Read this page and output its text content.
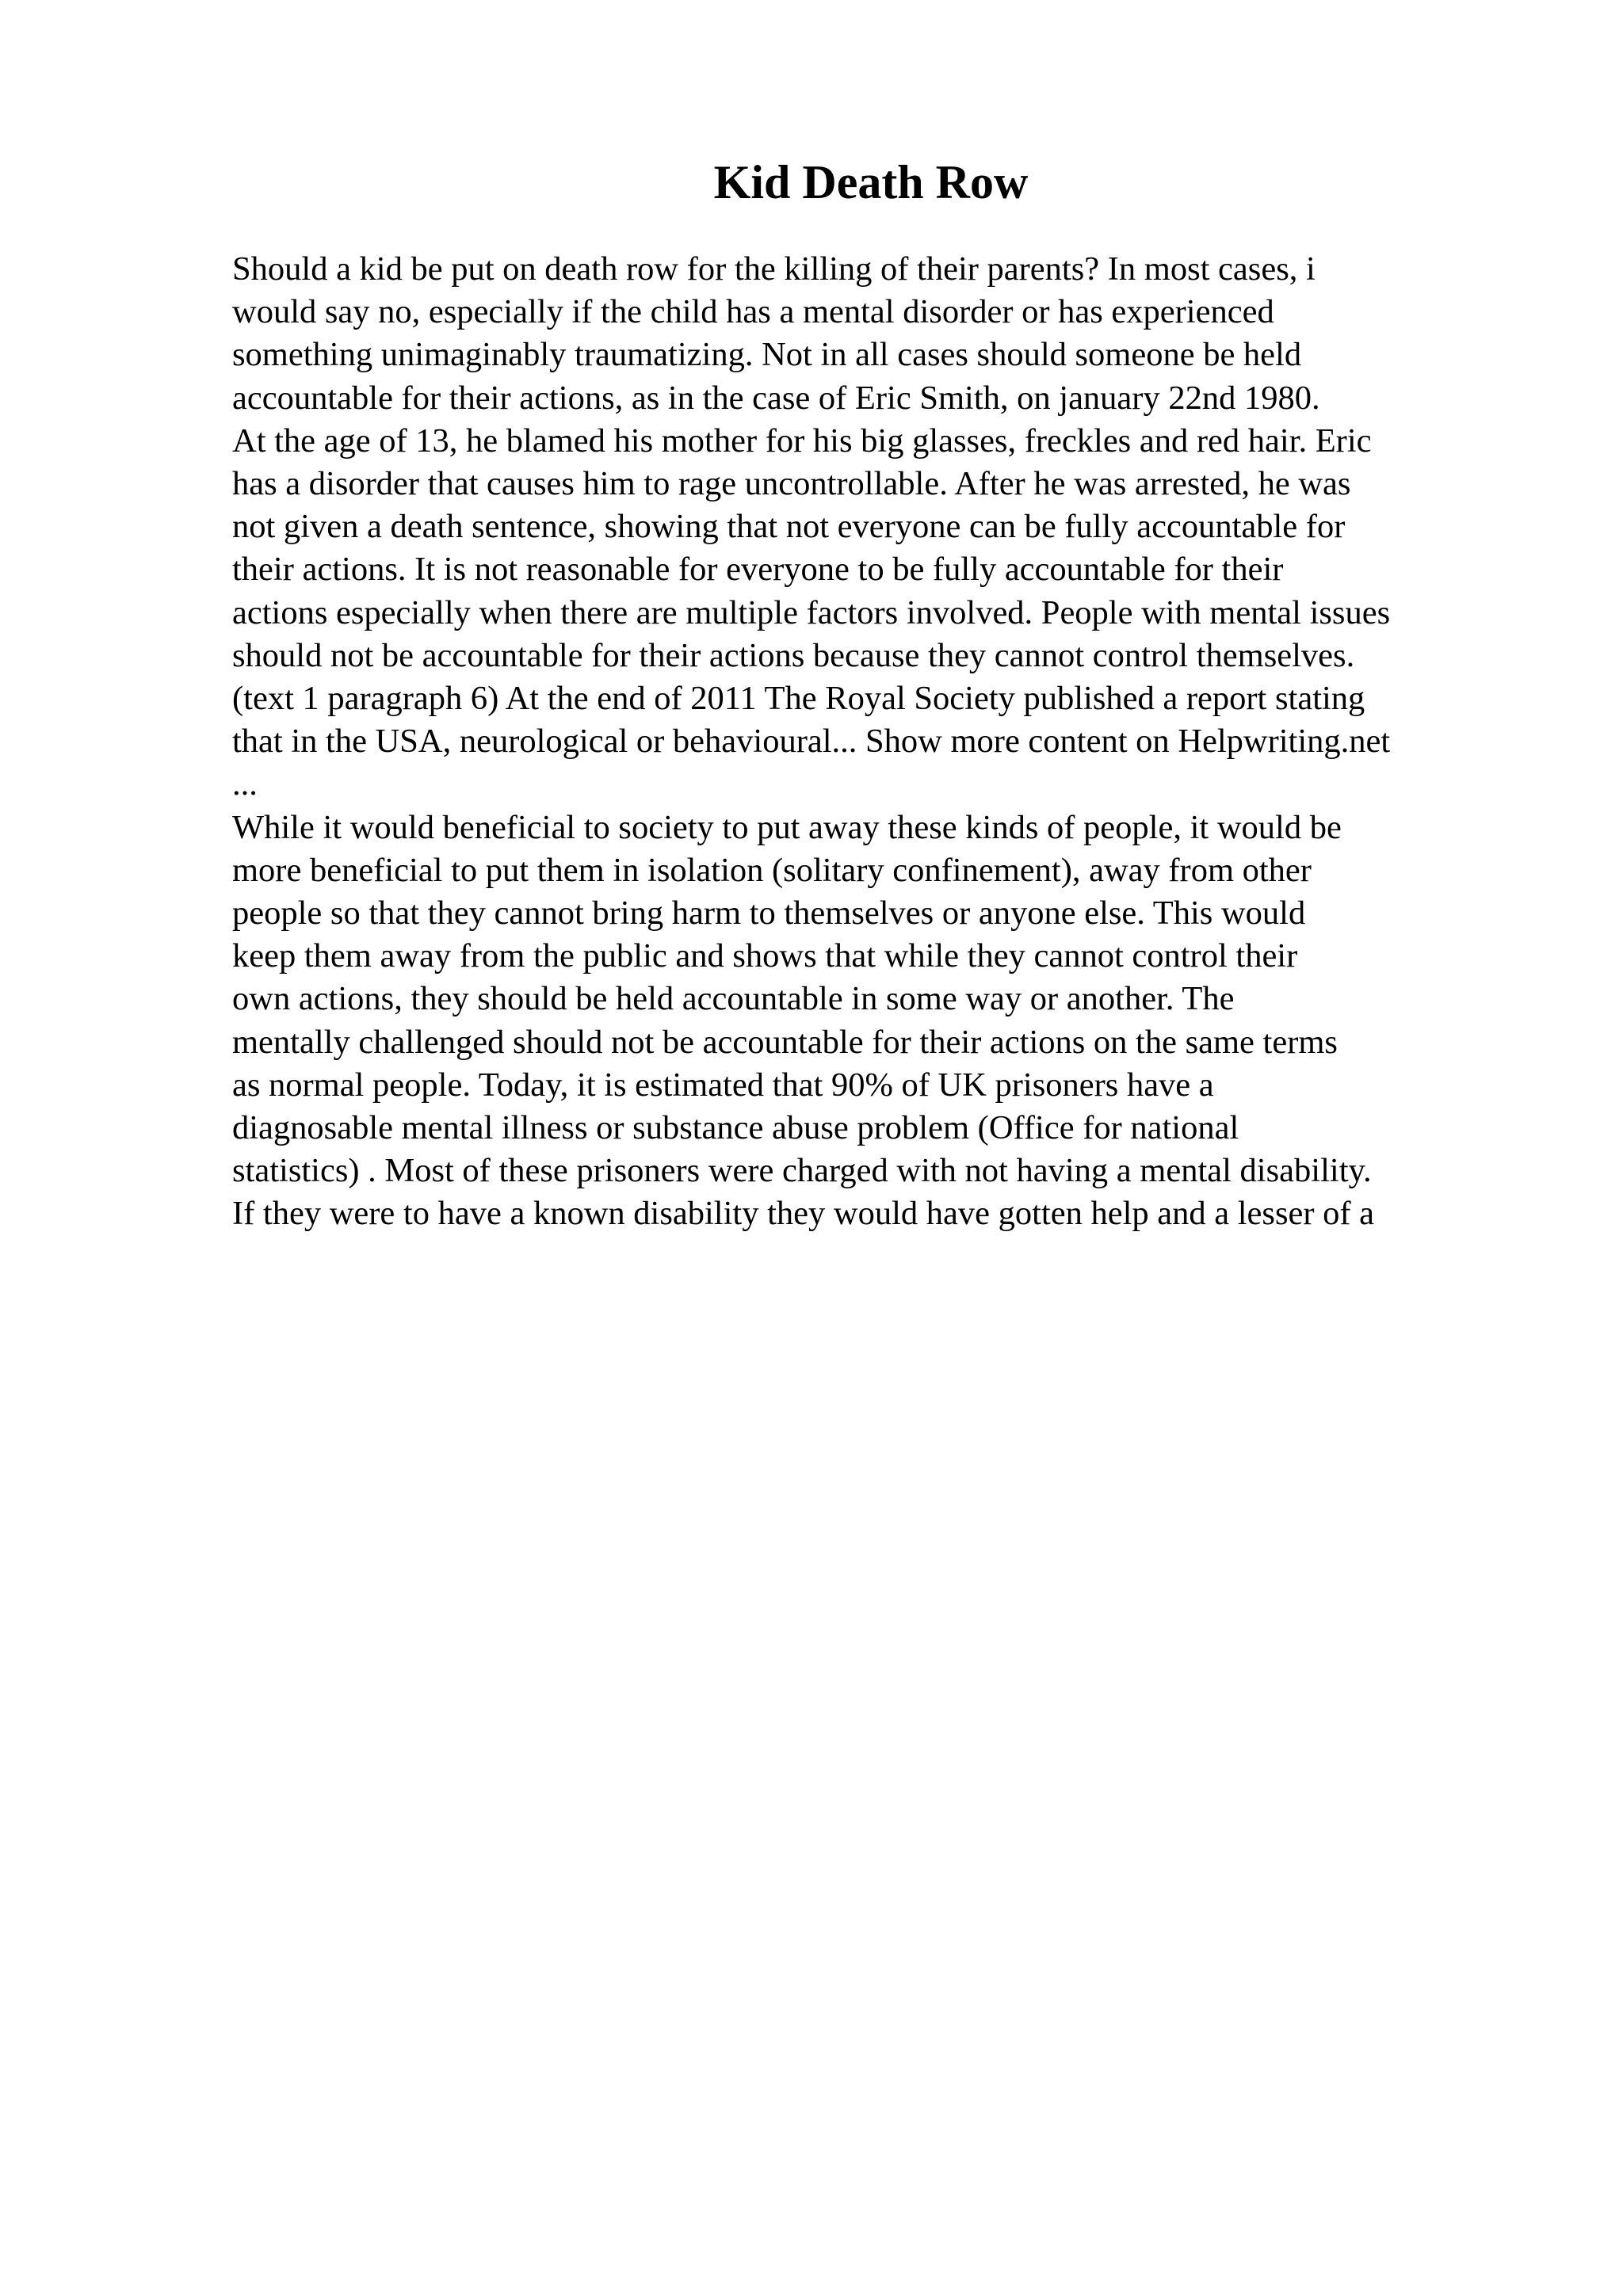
Kid Death Row
Should a kid be put on death row for the killing of their parents? In most cases, i
would say no, especially if the child has a mental disorder or has experienced
something unimaginably traumatizing. Not in all cases should someone be held
accountable for their actions, as in the case of Eric Smith, on january 22nd 1980.
At the age of 13, he blamed his mother for his big glasses, freckles and red hair. Eric
has a disorder that causes him to rage uncontrollable. After he was arrested, he was
not given a death sentence, showing that not everyone can be fully accountable for
their actions. It is not reasonable for everyone to be fully accountable for their
actions especially when there are multiple factors involved. People with mental issues
should not be accountable for their actions because they cannot control themselves.
(text 1 paragraph 6) At the end of 2011 The Royal Society published a report stating
that in the USA, neurological or behavioural... Show more content on Helpwriting.net
...
While it would beneficial to society to put away these kinds of people, it would be
more beneficial to put them in isolation (solitary confinement), away from other
people so that they cannot bring harm to themselves or anyone else. This would
keep them away from the public and shows that while they cannot control their
own actions, they should be held accountable in some way or another. The
mentally challenged should not be accountable for their actions on the same terms
as normal people. Today, it is estimated that 90% of UK prisoners have a
diagnosable mental illness or substance abuse problem (Office for national
statistics) . Most of these prisoners were charged with not having a mental disability.
If they were to have a known disability they would have gotten help and a lesser of a
